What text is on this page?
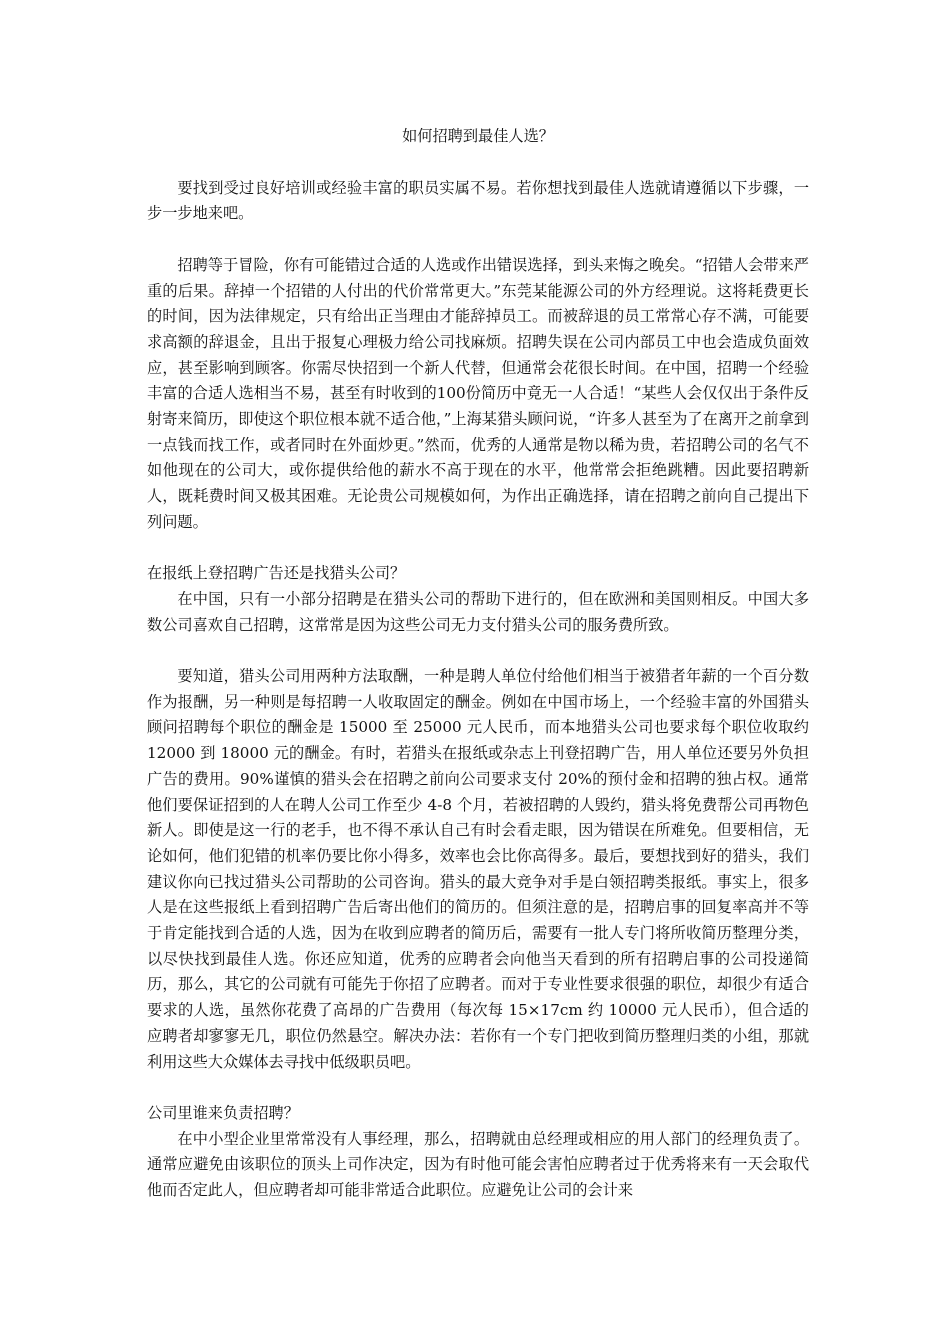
如何招聘到最佳人选？

要找到受过良好培训或经验丰富的职员实属不易。若你想找到最佳人选就请遵循以下步骤，一步一步地来吧。

招聘等于冒险，你有可能错过合适的人选或作出错误选择，到头来悔之晚矣。“招错人会带来严重的后果。辞掉一个招错的人付出的代价常常更大。”东莞某能源公司的外方经理说。这将耗费更长的时间，因为法律规定，只有给出正当理由才能辞掉员工。而被辞退的员工常常心存不满，可能要求高额的辞退金，且出于报复心理极力给公司找麻烦。招聘失误在公司内部员工中也会造成负面效应，甚至影响到顾客。你需尽快招到一个新人代替，但通常会花很长时间。在中国，招聘一个经验丰富的合适人选相当不易，甚至有时收到的100份简历中竟无一人合适！“某些人会仅仅出于条件反射寄来简历，即使这个职位根本就不适合他，”上海某猎头顾问说，“许多人甚至为了在离开之前拿到一点钱而找工作，或者同时在外面炒更。”然而，优秀的人通常是物以稀为贵，若招聘公司的名气不如他现在的公司大，或你提供给他的薪水不高于现在的水平，他常常会拒绝跳糟。因此要招聘新人，既耗费时间又极其困难。无论贵公司规模如何，为作出正确选择，请在招聘之前向自己提出下列问题。

在报纸上登招聘广告还是找猎头公司？

在中国，只有一小部分招聘是在猎头公司的帮助下进行的，但在欧洲和美国则相反。中国大多数公司喜欢自己招聘，这常常是因为这些公司无力支付猎头公司的服务费所致。

要知道，猎头公司用两种方法取酬，一种是聘人单位付给他们相当于被猎者年薪的一个百分数作为报酬，另一种则是每招聘一人收取固定的酬金。例如在中国市场上，一个经验丰富的外国猎头顾问招聘每个职位的酬金是 15000 至 25000 元人民币，而本地猎头公司也要求每个职位收取约 12000 到 18000 元的酬金。有时，若猎头在报纸或杂志上刊登招聘广告，用人单位还要另外负担广告的费用。90%谨慎的猎头会在招聘之前向公司要求支付 20%的预付金和招聘的独占权。通常他们要保证招到的人在聘人公司工作至少 4-8 个月，若被招聘的人毁约，猎头将免费帮公司再物色新人。即使是这一行的老手，也不得不承认自己有时会看走眼，因为错误在所难免。但要相信，无论如何，他们犯错的机率仍要比你小得多，效率也会比你高得多。最后，要想找到好的猎头，我们建议你向已找过猎头公司帮助的公司咨询。猎头的最大竞争对手是白领招聘类报纸。事实上，很多人是在这些报纸上看到招聘广告后寄出他们的简历的。但须注意的是，招聘启事的回复率高并不等于肯定能找到合适的人选，因为在收到应聘者的简历后，需要有一批人专门将所收简历整理分类，以尽快找到最佳人选。你还应知道，优秀的应聘者会向他当天看到的所有招聘启事的公司投递简历，那么，其它的公司就有可能先于你招了应聘者。而对于专业性要求很强的职位，却很少有适合要求的人选，虽然你花费了高昂的广告费用（每次每 15×17cm 约 10000 元人民币），但合适的应聘者却寥寥无几，职位仍然悬空。解决办法：若你有一个专门把收到简历整理归类的小组，那就利用这些大众媒体去寻找中低级职员吧。

公司里谁来负责招聘？

在中小型企业里常常没有人事经理，那么，招聘就由总经理或相应的用人部门的经理负责了。通常应避免由该职位的顶头上司作决定，因为有时他可能会害怕应聘者过于优秀将来有一天会取代他而否定此人，但应聘者却可能非常适合此职位。应避免让公司的会计来
